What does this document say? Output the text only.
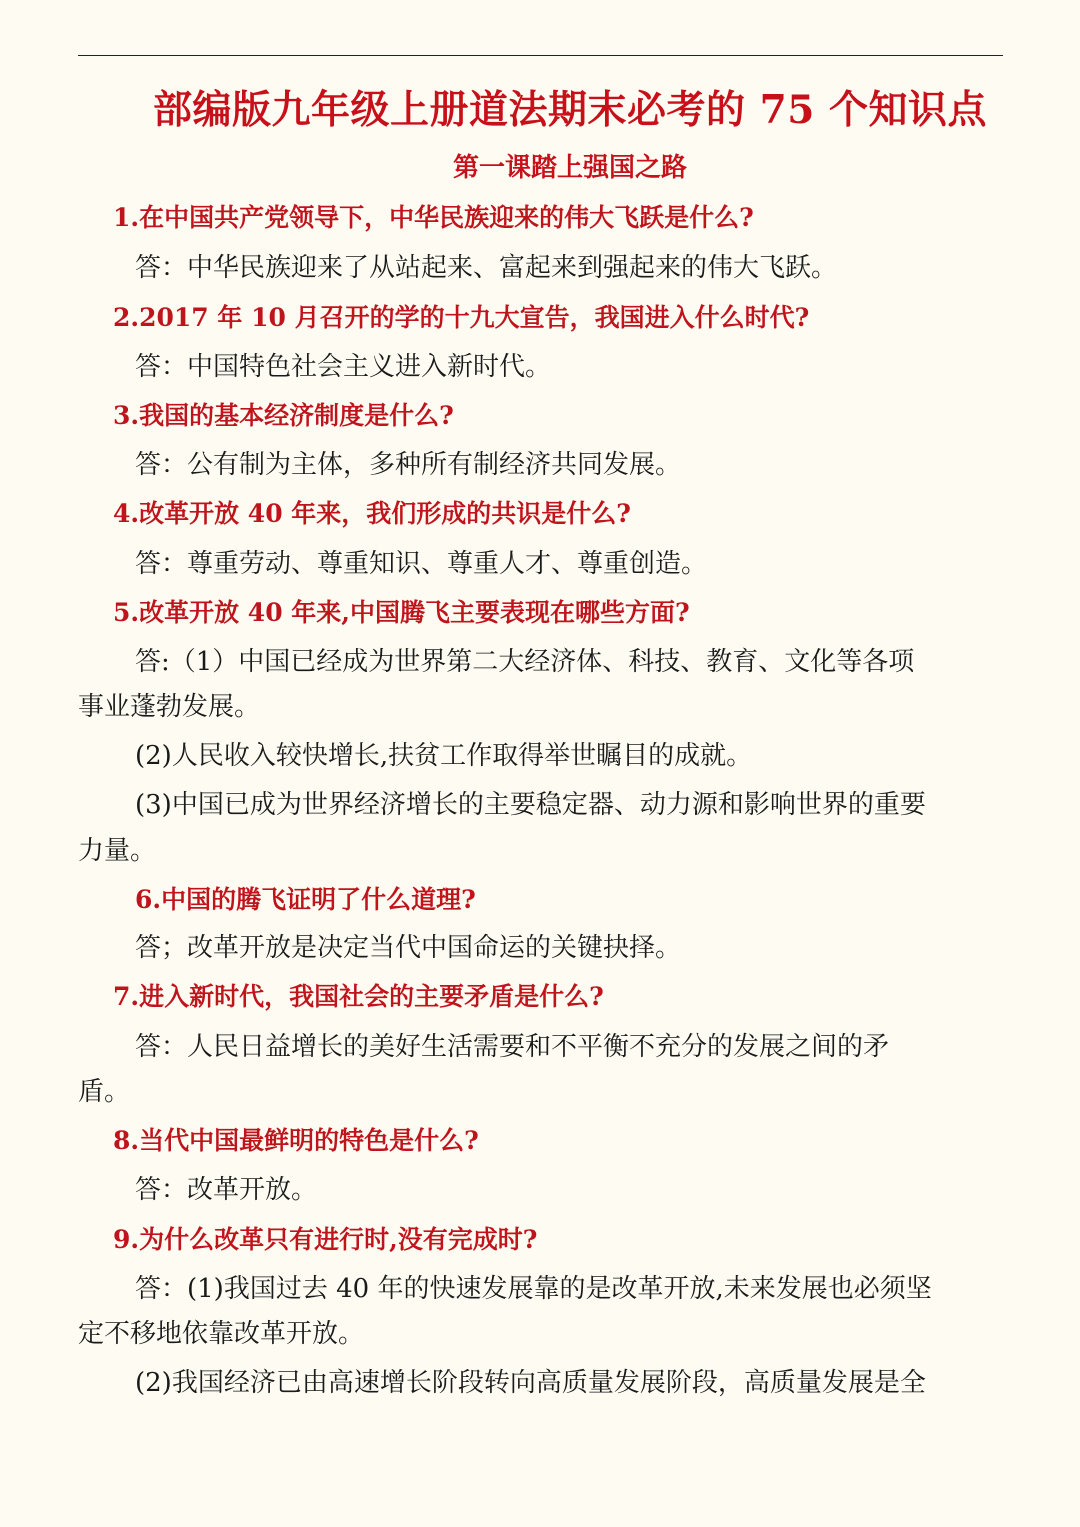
部编版九年级上册道法期末必考的 75 个知识点
第一课踏上强国之路
1.在中国共产党领导下，中华民族迎来的伟大飞跃是什么?
答：中华民族迎来了从站起来、富起来到强起来的伟大飞跃。
2.2017 年 10 月召开的学的十九大宣告，我国进入什么时代?
答：中国特色社会主义进入新时代。
3.我国的基本经济制度是什么?
答：公有制为主体，多种所有制经济共同发展。
4.改革开放 40 年来，我们形成的共识是什么?
答：尊重劳动、尊重知识、尊重人才、尊重创造。
5.改革开放 40 年来,中国腾飞主要表现在哪些方面?
答:（1）中国已经成为世界第二大经济体、科技、教育、文化等各项
事业蓬勃发展。
(2)人民收入较快增长,扶贫工作取得举世瞩目的成就。
(3)中国已成为世界经济增长的主要稳定器、动力源和影响世界的重要
力量。
6.中国的腾飞证明了什么道理?
答；改革开放是决定当代中国命运的关键抉择。
7.进入新时代，我国社会的主要矛盾是什么?
答：人民日益增长的美好生活需要和不平衡不充分的发展之间的矛
盾。
8.当代中国最鲜明的特色是什么?
答：改革开放。
9.为什么改革只有进行时,没有完成时?
答：(1)我国过去 40 年的快速发展靠的是改革开放,未来发展也必须坚
定不移地依靠改革开放。
(2)我国经济已由高速增长阶段转向高质量发展阶段，高质量发展是全
